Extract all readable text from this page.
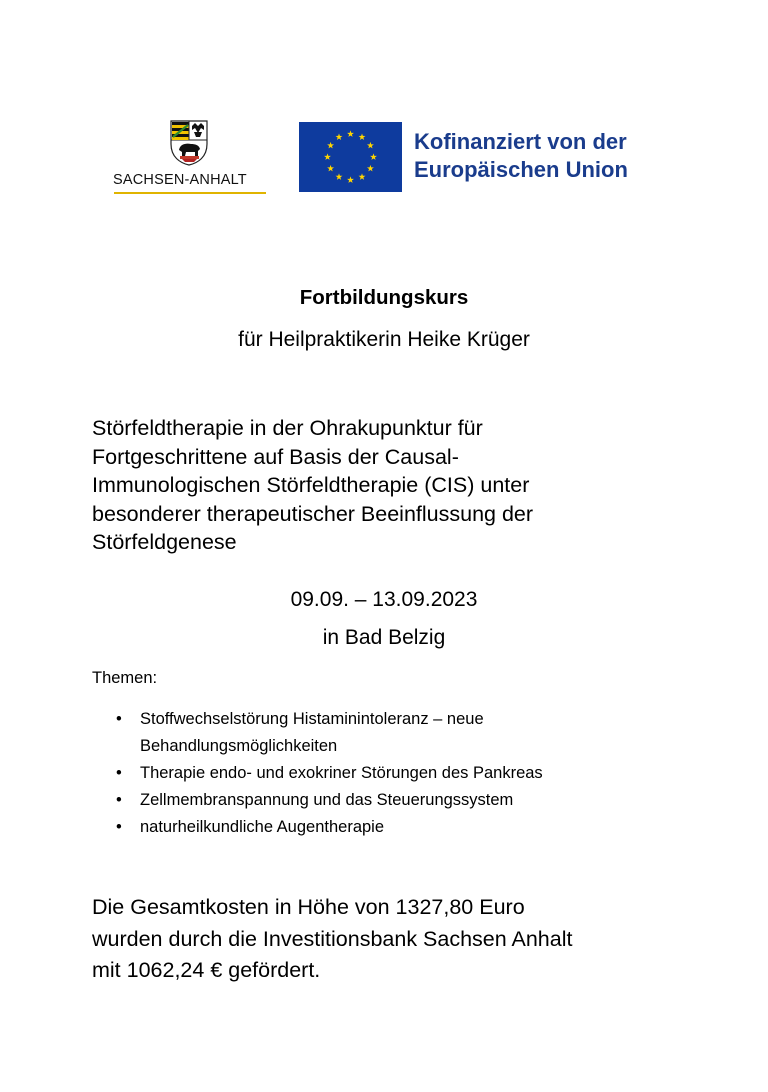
SACHSEN-ANHALT
Kofinanziert von der
Europäischen Union
Fortbildungskurs
für Heilpraktikerin Heike Krüger
Störfeldtherapie in der Ohrakupunktur für
Fortgeschrittene auf Basis der Causal-
Immunologischen Störfeldtherapie (CIS) unter
besonderer therapeutischer Beeinflussung der
Störfeldgenese
09.09. – 13.09.2023
in Bad Belzig
Themen:
• Stoffwechselstörung Histaminintoleranz – neue
Behandlungsmöglichkeiten
• Therapie endo- und exokriner Störungen des Pankreas
• Zellmembranspannung und das Steuerungssystem
• naturheilkundliche Augentherapie
Die Gesamtkosten in Höhe von 1327,80 Euro
wurden durch die Investitionsbank Sachsen Anhalt
mit 1062,24 € gefördert.
